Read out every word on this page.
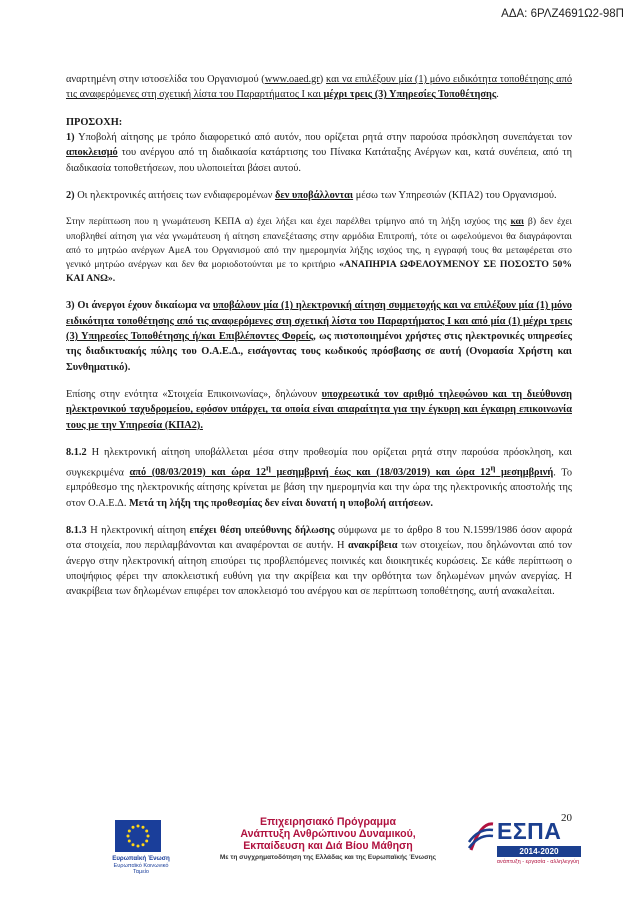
ΑΔΑ: 6ΡΛΖ4691Ω2-98Π

αναρτημένη στην ιστοσελίδα του Οργανισμού (www.oaed.gr) και να επιλέξουν μία (1) μόνο ειδικότητα τοποθέτησης από τις αναφερόμενες στη σχετική λίστα του Παραρτήματος Ι και μέχρι τρεις (3) Υπηρεσίες Τοποθέτησης.

ΠΡΟΣΟΧΗ:

1) Υποβολή αίτησης με τρόπο διαφορετικό από αυτόν, που ορίζεται ρητά στην παρούσα πρόσκληση συνεπάγεται τον αποκλεισμό του ανέργου από τη διαδικασία κατάρτισης του Πίνακα Κατάταξης Ανέργων και, κατά συνέπεια, από τη διαδικασία τοποθετήσεων, που υλοποιείται βάσει αυτού.

2) Οι ηλεκτρονικές αιτήσεις των ενδιαφερομένων δεν υποβάλλονται μέσω των Υπηρεσιών (ΚΠΑ2) του Οργανισμού.

Στην περίπτωση που η γνωμάτευση ΚΕΠΑ α) έχει λήξει και έχει παρέλθει τρίμηνο από τη λήξη ισχύος της και β) δεν έχει υποβληθεί αίτηση για νέα γνωμάτευση ή αίτηση επανεξέτασης στην αρμόδια Επιτροπή, τότε οι ωφελούμενοι θα διαγράφονται από το μητρώο ανέργων ΑμεΑ του Οργανισμού από την ημερομηνία λήξης ισχύος της, η εγγραφή τους θα μεταφέρεται στο γενικό μητρώο ανέργων και δεν θα μοριοδοτούνται με το κριτήριο «ΑΝΑΠΗΡΙΑ ΩΦΕΛΟΥΜΕΝΟΥ ΣΕ ΠΟΣΟΣΤΟ 50% ΚΑΙ ΑΝΩ».

3) Οι άνεργοι έχουν δικαίωμα να υποβάλουν μία (1) ηλεκτρονική αίτηση συμμετοχής και να επιλέξουν μία (1) μόνο ειδικότητα τοποθέτησης από τις αναφερόμενες στη σχετική λίστα του Παραρτήματος Ι και από μία (1) μέχρι τρεις (3) Υπηρεσίες Τοποθέτησης ή/και Επιβλέποντες Φορείς, ως πιστοποιημένοι χρήστες στις ηλεκτρονικές υπηρεσίες της διαδικτυακής πύλης του Ο.Α.Ε.Δ., εισάγοντας τους κωδικούς πρόσβασης σε αυτή (Ονομασία Χρήστη και Συνθηματικό).

Επίσης στην ενότητα «Στοιχεία Επικοινωνίας», δηλώνουν υποχρεωτικά τον αριθμό τηλεφώνου και τη διεύθυνση ηλεκτρονικού ταχυδρομείου, εφόσον υπάρχει, τα οποία είναι απαραίτητα για την έγκυρη και έγκαιρη επικοινωνία τους με την Υπηρεσία (ΚΠΑ2).

8.1.2 Η ηλεκτρονική αίτηση υποβάλλεται μέσα στην προθεσμία που ορίζεται ρητά στην παρούσα πρόσκληση, και συγκεκριμένα από (08/03/2019) και ώρα $12^\eta$ μεσημβρινή έως και (18/03/2019) και ώρα $12^\eta$ μεσημβρινή. Το εμπρόθεσμο της ηλεκτρονικής αίτησης κρίνεται με βάση την ημερομηνία και την ώρα της ηλεκτρονικής αποστολής της στον Ο.Α.Ε.Δ. Μετά τη λήξη της προθεσμίας δεν είναι δυνατή η υποβολή αιτήσεων.

8.1.3 Η ηλεκτρονική αίτηση επέχει θέση υπεύθυνης δήλωσης σύμφωνα με το άρθρο 8 του Ν.1599/1986 όσον αφορά στα στοιχεία, που περιλαμβάνονται και αναφέρονται σε αυτήν. Η ανακρίβεια των στοιχείων, που δηλώνονται από τον άνεργο στην ηλεκτρονική αίτηση επισύρει τις προβλεπόμενες ποινικές και διοικητικές κυρώσεις. Σε κάθε περίπτωση ο υποψήφιος φέρει την αποκλειστική ευθύνη για την ακρίβεια και την ορθότητα των δηλωμένων μηνών ανεργίας. Η ανακρίβεια των δηλωμένων επιφέρει τον αποκλεισμό του ανέργου και σε περίπτωση τοποθέτησης, αυτή ανακαλείται.

20
Ευρωπαϊκή Ένωση
Ευρωπαϊκό Κοινωνικό Ταμείο
Επιχειρησιακό Πρόγραμμα
Ανάπτυξη Ανθρώπινου Δυναμικού,
Εκπαίδευση και Διά Βίου Μάθηση
Με τη συγχρηματοδότηση της Ελλάδας και της Ευρωπαϊκής Ένωσης
ΕΣΠΑ
2014-2020
ανάπτυξη - εργασία - αλληλεγγύη
